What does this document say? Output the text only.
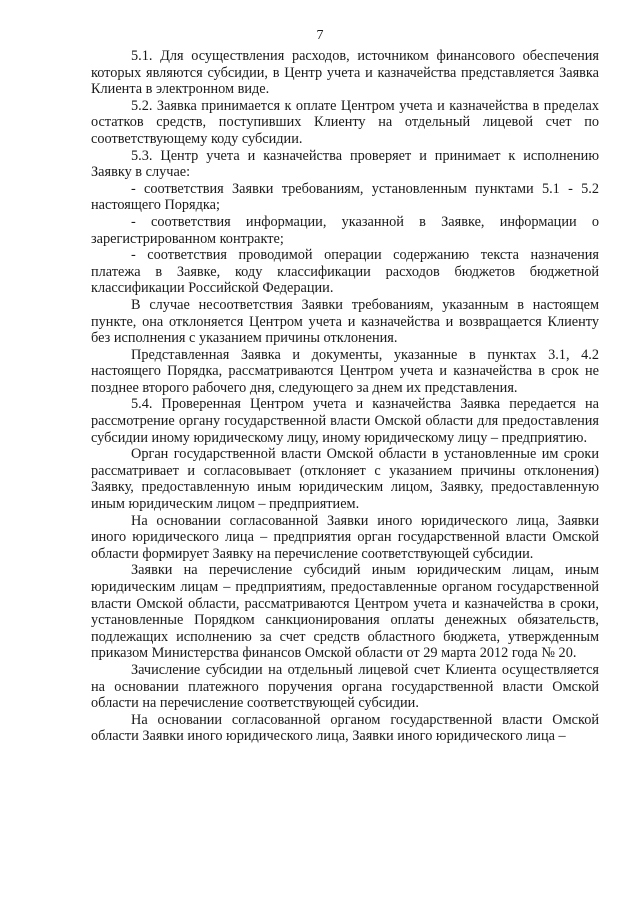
7

5.1. Для осуществления расходов, источником финансового обеспечения которых являются субсидии, в Центр учета и казначейства представляется Заявка Клиента в электронном виде.

5.2. Заявка принимается к оплате Центром учета и казначейства в пределах остатков средств, поступивших Клиенту на отдельный лицевой счет по соответствующему коду субсидии.

5.3. Центр учета и казначейства проверяет и принимает к исполнению Заявку в случае:

- соответствия Заявки требованиям, установленным пунктами 5.1 - 5.2 настоящего Порядка;

- соответствия информации, указанной в Заявке, информации о зарегистрированном контракте;

- соответствия проводимой операции содержанию текста назначения платежа в Заявке, коду классификации расходов бюджетов бюджетной классификации Российской Федерации.

В случае несоответствия Заявки требованиям, указанным в настоящем пункте, она отклоняется Центром учета и казначейства и возвращается Клиенту без исполнения с указанием причины отклонения.

Представленная Заявка и документы, указанные в пунктах 3.1, 4.2 настоящего Порядка, рассматриваются Центром учета и казначейства в срок не позднее второго рабочего дня, следующего за днем их представления.

5.4. Проверенная Центром учета и казначейства Заявка передается на рассмотрение органу государственной власти Омской области для предоставления субсидии иному юридическому лицу, иному юридическому лицу – предприятию.

Орган государственной власти Омской области в установленные им сроки рассматривает и согласовывает (отклоняет с указанием причины отклонения) Заявку, предоставленную иным юридическим лицом, Заявку, предоставленную иным юридическим лицом – предприятием.

На основании согласованной Заявки иного юридического лица, Заявки иного юридического лица – предприятия орган государственной власти Омской области формирует Заявку на перечисление соответствующей субсидии.

Заявки на перечисление субсидий иным юридическим лицам, иным юридическим лицам – предприятиям, предоставленные органом государственной власти Омской области, рассматриваются Центром учета и казначейства в сроки, установленные Порядком санкционирования оплаты денежных обязательств, подлежащих исполнению за счет средств областного бюджета, утвержденным приказом Министерства финансов Омской области от 29 марта 2012 года № 20.

Зачисление субсидии на отдельный лицевой счет Клиента осуществляется на основании платежного поручения органа государственной власти Омской области на перечисление соответствующей субсидии.

На основании согласованной органом государственной власти Омской области Заявки иного юридического лица, Заявки иного юридического лица –
